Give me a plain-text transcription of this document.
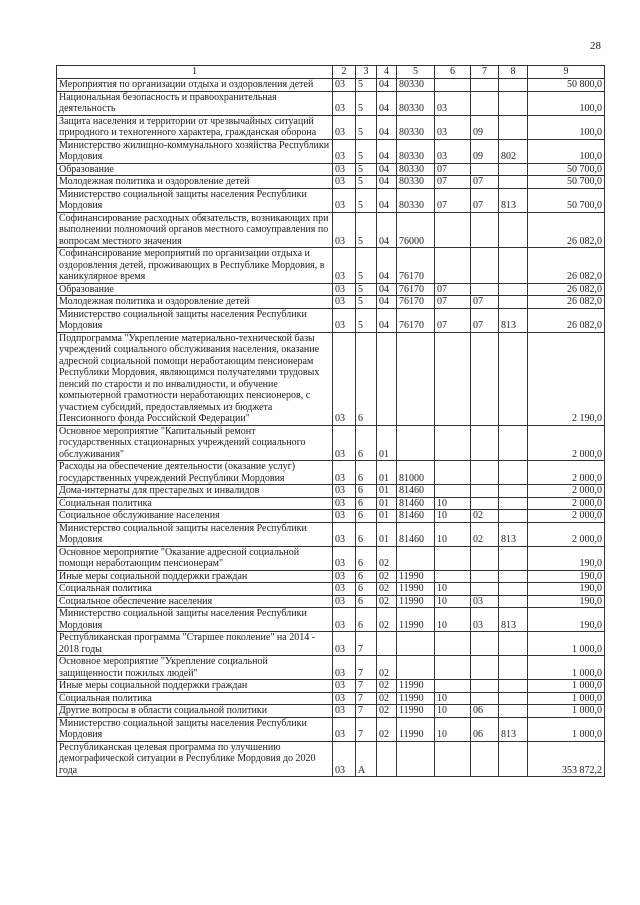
28
1	2	3	4	5	6	7	8	9
Мероприятия по организации отдыха и оздоровления детей	03	5	04	80330				50 800,0
Национальная безопасность и правоохранительная деятельность	03	5	04	80330	03			100,0
Защита населения и территории от чрезвычайных ситуаций природного и техногенного характера, гражданская оборона	03	5	04	80330	03	09		100,0
Министерство жилищно-коммунального хозяйства Республики Мордовия	03	5	04	80330	03	09	802	100,0
Образование	03	5	04	80330	07			50 700,0
Молодежная политика и оздоровление детей	03	5	04	80330	07	07		50 700,0
Министерство социальной защиты населения Республики Мордовия	03	5	04	80330	07	07	813	50 700,0
Софинансирование расходных обязательств, возникающих при выполнении полномочий органов местного самоуправления по вопросам местного значения	03	5	04	76000				26 082,0
Софинансирование мероприятий по организации отдыха и оздоровления детей, проживающих в Республике Мордовия, в каникулярное время	03	5	04	76170				26 082,0
Образование	03	5	04	76170	07			26 082,0
Молодежная политика и оздоровление детей	03	5	04	76170	07	07		26 082,0
Министерство социальной защиты населения Республики Мордовия	03	5	04	76170	07	07	813	26 082,0
Подпрограмма "Укрепление материально-технической базы учреждений социального обслуживания населения, оказание адресной социальной помощи неработающим пенсионерам Республики Мордовия, являющимся получателями трудовых пенсий по старости и по инвалидности, и обучение компьютерной грамотности неработающих пенсионеров, с участием субсидий, предоставляемых из бюджета Пенсионного фонда Российской Федерации"	03	6						2 190,0
Основное мероприятие "Капитальный ремонт государственных стационарных учреждений социального обслуживания"	03	6	01					2 000,0
Расходы на обеспечение деятельности (оказание услуг) государственных учреждений Республики Мордовия	03	6	01	81000				2 000,0
Дома-интернаты для престарелых и инвалидов	03	6	01	81460				2 000,0
Социальная политика	03	6	01	81460	10			2 000,0
Социальное обслуживание населения	03	6	01	81460	10	02		2 000,0
Министерство социальной защиты населения Республики Мордовия	03	6	01	81460	10	02	813	2 000,0
Основное мероприятие "Оказание адресной социальной помощи неработающим пенсионерам"	03	6	02					190,0
Иные меры социальной поддержки граждан	03	6	02	11990				190,0
Социальная политика	03	6	02	11990	10			190,0
Социальное обеспечение населения	03	6	02	11990	10	03		190,0
Министерство социальной защиты населения Республики Мордовия	03	6	02	11990	10	03	813	190,0
Республиканская программа "Старшее поколение" на 2014 - 2018 годы	03	7						1 000,0
Основное мероприятие "Укрепление социальной защищенности пожилых людей"	03	7	02					1 000,0
Иные меры социальной поддержки граждан	03	7	02	11990				1 000,0
Социальная политика	03	7	02	11990	10			1 000,0
Другие вопросы в области социальной политики	03	7	02	11990	10	06		1 000,0
Министерство социальной защиты населения Республики Мордовия	03	7	02	11990	10	06	813	1 000,0
Республиканская целевая программа по улучшению демографической ситуации в Республике Мордовия до 2020 года	03	А						353 872,2
